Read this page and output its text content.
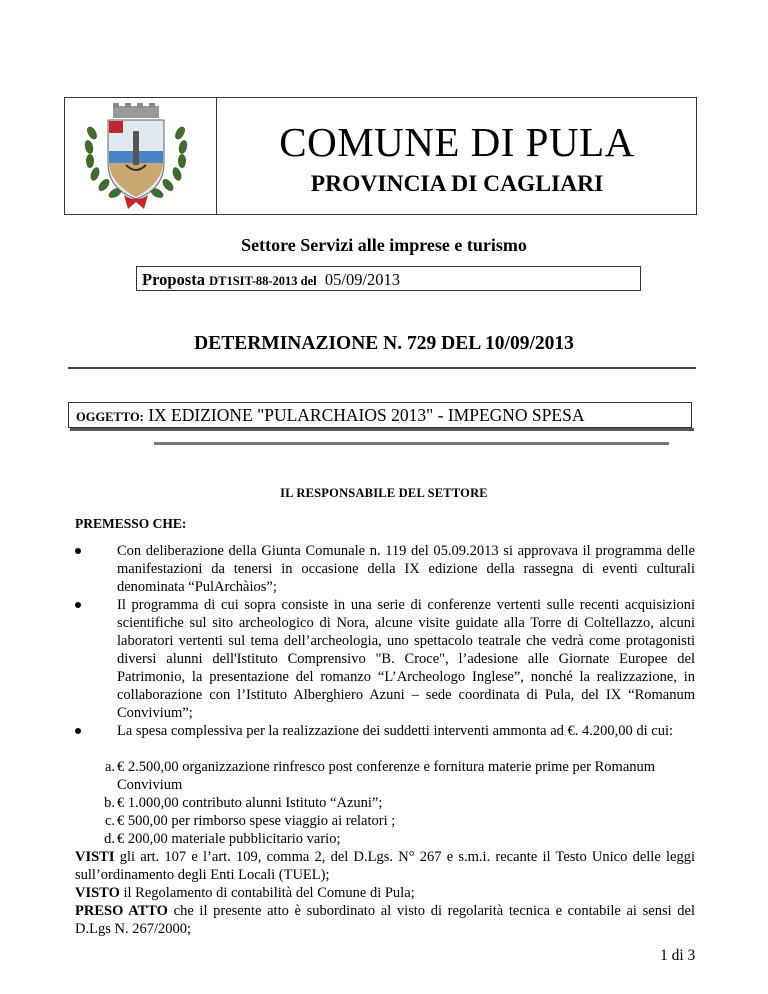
COMUNE DI PULA
PROVINCIA DI CAGLIARI
Settore Servizi alle imprese e turismo
Proposta DT1SIT-88-2013 del 05/09/2013
DETERMINAZIONE N. 729 DEL 10/09/2013
OGGETTO: IX EDIZIONE "PULARCHAIOS 2013" - IMPEGNO SPESA
IL RESPONSABILE DEL SETTORE
PREMESSO CHE:
Con deliberazione della Giunta Comunale n. 119 del 05.09.2013 si approvava il programma delle manifestazioni da tenersi in occasione della IX edizione della rassegna di eventi culturali denominata “PulArchàios”;
Il programma di cui sopra consiste in una serie di conferenze vertenti sulle recenti acquisizioni scientifiche sul sito archeologico di Nora, alcune visite guidate alla Torre di Coltellazzo, alcuni laboratori vertenti sul tema dell’archeologia, uno spettacolo teatrale che vedrà come protagonisti diversi alunni dell'Istituto Comprensivo "B. Croce", l’adesione alle Giornate Europee del Patrimonio, la presentazione del romanzo “L’Archeologo Inglese”, nonché la realizzazione, in collaborazione con l’Istituto Alberghiero Azuni – sede coordinata di Pula, del IX “Romanum Convivium”;
La spesa complessiva per la realizzazione dei suddetti interventi ammonta ad €. 4.200,00 di cui:
a. € 2.500,00 organizzazione rinfresco post conferenze e fornitura materie prime per Romanum Convivium
b. € 1.000,00 contributo alunni Istituto “Azuni”;
c. € 500,00 per rimborso spese viaggio ai relatori ;
d. € 200,00 materiale pubblicitario vario;
VISTI gli art. 107 e l’art. 109, comma 2, del D.Lgs. N° 267 e s.m.i. recante il Testo Unico delle leggi sull’ordinamento degli Enti Locali (TUEL);
VISTO il Regolamento di contabilità del Comune di Pula;
PRESO ATTO che il presente atto è subordinato al visto di regolarità tecnica e contabile ai sensi del D.Lgs N. 267/2000;
1 di 3
